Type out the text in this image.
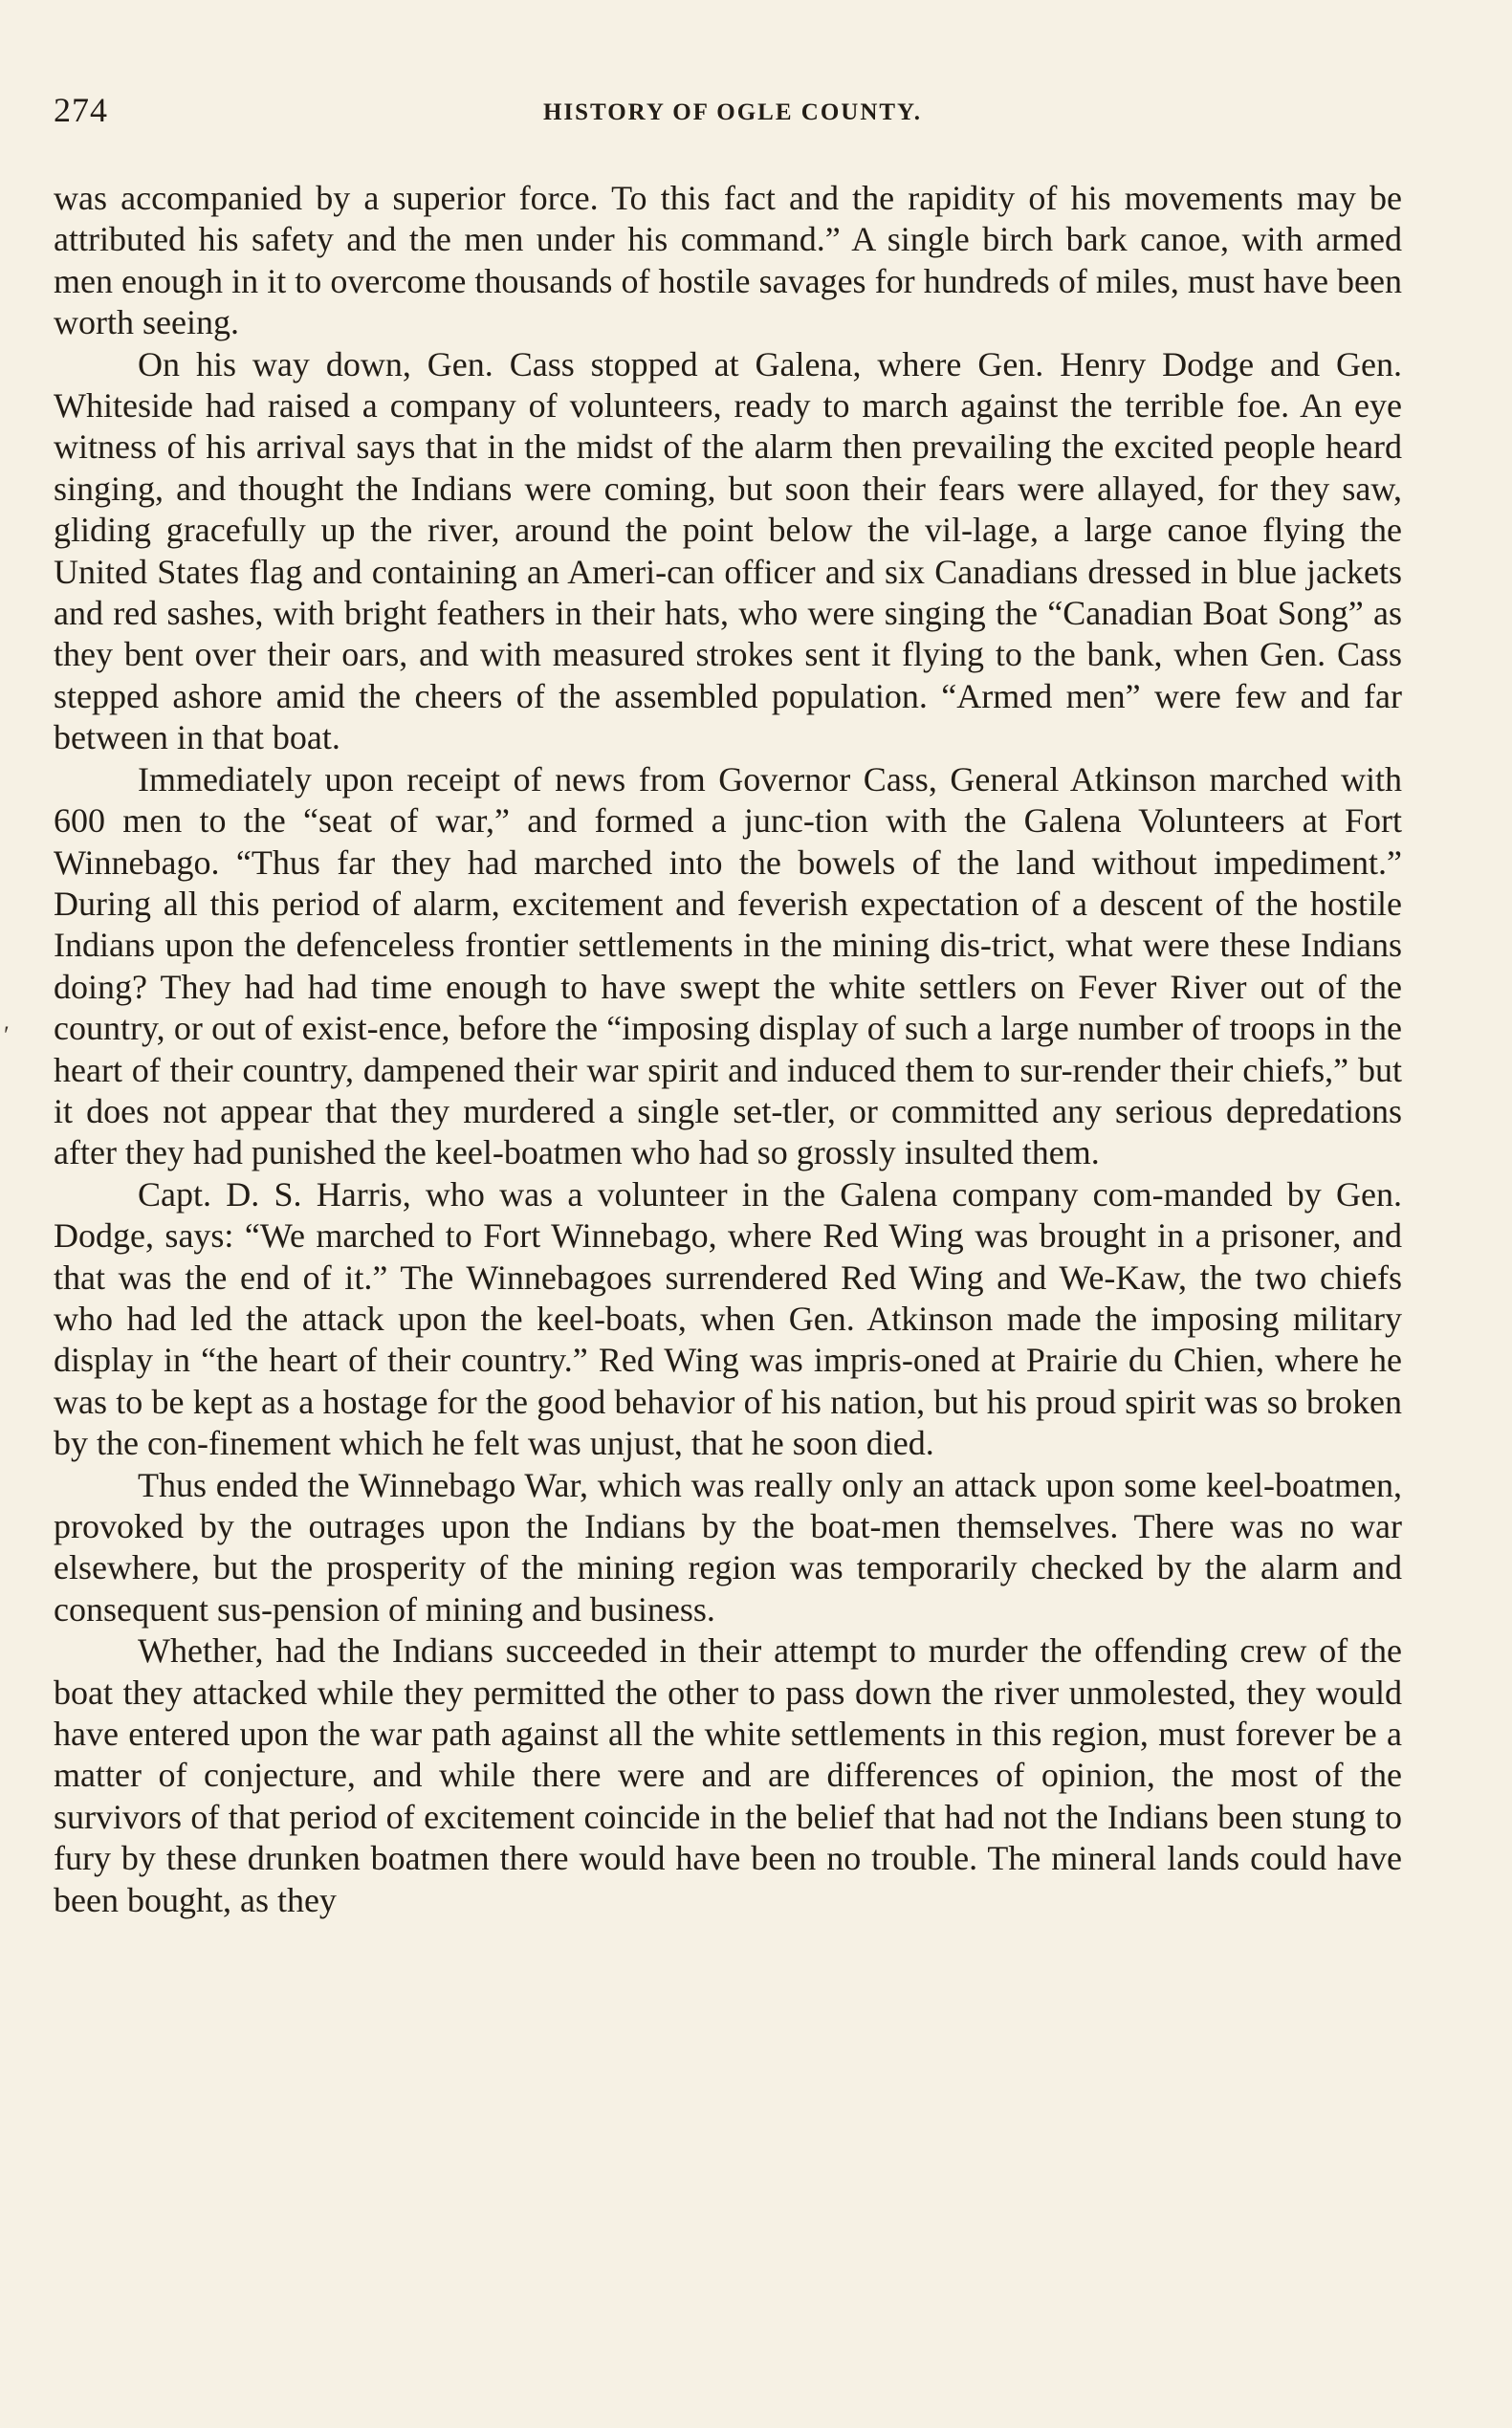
274	HISTORY OF OGLE COUNTY.

was accompanied by a superior force. To this fact and the rapidity of his movements may be attributed his safety and the men under his command.” A single birch bark canoe, with armed men enough in it to overcome thousands of hostile savages for hundreds of miles, must have been worth seeing.

On his way down, Gen. Cass stopped at Galena, where Gen. Henry Dodge and Gen. Whiteside had raised a company of volunteers, ready to march against the terrible foe. An eye witness of his arrival says that in the midst of the alarm then prevailing the excited people heard singing, and thought the Indians were coming, but soon their fears were allayed, for they saw, gliding gracefully up the river, around the point below the vil-lage, a large canoe flying the United States flag and containing an Ameri-can officer and six Canadians dressed in blue jackets and red sashes, with bright feathers in their hats, who were singing the “Canadian Boat Song” as they bent over their oars, and with measured strokes sent it flying to the bank, when Gen. Cass stepped ashore amid the cheers of the assembled population. “Armed men” were few and far between in that boat.

Immediately upon receipt of news from Governor Cass, General Atkinson marched with 600 men to the “seat of war,” and formed a junc-tion with the Galena Volunteers at Fort Winnebago. “Thus far they had marched into the bowels of the land without impediment.” During all this period of alarm, excitement and feverish expectation of a descent of the hostile Indians upon the defenceless frontier settlements in the mining dis-trict, what were these Indians doing? They had had time enough to have swept the white settlers on Fever River out of the country, or out of exist-ence, before the “imposing display of such a large number of troops in the heart of their country, dampened their war spirit and induced them to sur-render their chiefs,” but it does not appear that they murdered a single set-tler, or committed any serious depredations after they had punished the keel-boatmen who had so grossly insulted them.

Capt. D. S. Harris, who was a volunteer in the Galena company com-manded by Gen. Dodge, says: “We marched to Fort Winnebago, where Red Wing was brought in a prisoner, and that was the end of it.” The Winnebagoes surrendered Red Wing and We-Kaw, the two chiefs who had led the attack upon the keel-boats, when Gen. Atkinson made the imposing military display in “the heart of their country.” Red Wing was impris-oned at Prairie du Chien, where he was to be kept as a hostage for the good behavior of his nation, but his proud spirit was so broken by the con-finement which he felt was unjust, that he soon died.

Thus ended the Winnebago War, which was really only an attack upon some keel-boatmen, provoked by the outrages upon the Indians by the boat-men themselves. There was no war elsewhere, but the prosperity of the mining region was temporarily checked by the alarm and consequent sus-pension of mining and business.

Whether, had the Indians succeeded in their attempt to murder the offending crew of the boat they attacked while they permitted the other to pass down the river unmolested, they would have entered upon the war path against all the white settlements in this region, must forever be a matter of conjecture, and while there were and are differences of opinion, the most of the survivors of that period of excitement coincide in the belief that had not the Indians been stung to fury by these drunken boatmen there would have been no trouble. The mineral lands could have been bought, as they

′
